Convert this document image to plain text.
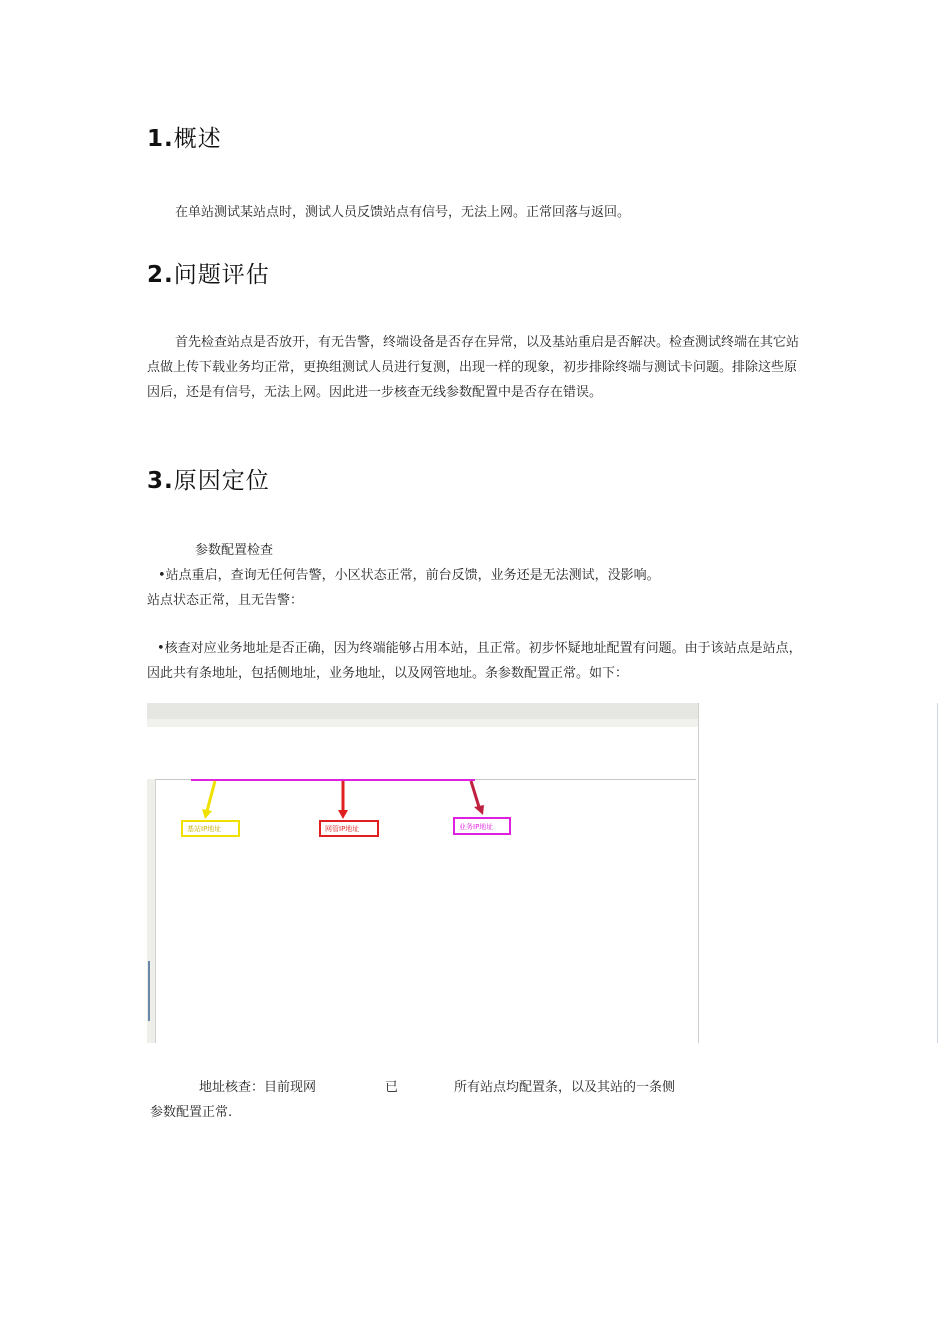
1.概述

在单站测试某站点时，测试人员反馈站点有信号，无法上网。正常回落与返回。

2.问题评估

首先检查站点是否放开，有无告警，终端设备是否存在异常，以及基站重启是否解决。检查测试终端在其它站点做上传下载业务均正常，更换组测试人员进行复测，出现一样的现象，初步排除终端与测试卡问题。排除这些原因后，还是有信号，无法上网。因此进一步核查无线参数配置中是否存在错误。

3.原因定位

参数配置检查

•站点重启，查询无任何告警，小区状态正常，前台反馈，业务还是无法测试，没影响。

站点状态正常，且无告警：

•核查对应业务地址是否正确，因为终端能够占用本站，且正常。初步怀疑地址配置有问题。由于该站点是站点，因此共有条地址，包括侧地址，业务地址，以及网管地址。条参数配置正常。如下：

基站IP地址	网管IP地址	业务IP地址

地址核查：目前现网	已	所有站点均配置条，以及其站的一条侧

参数配置正常.
